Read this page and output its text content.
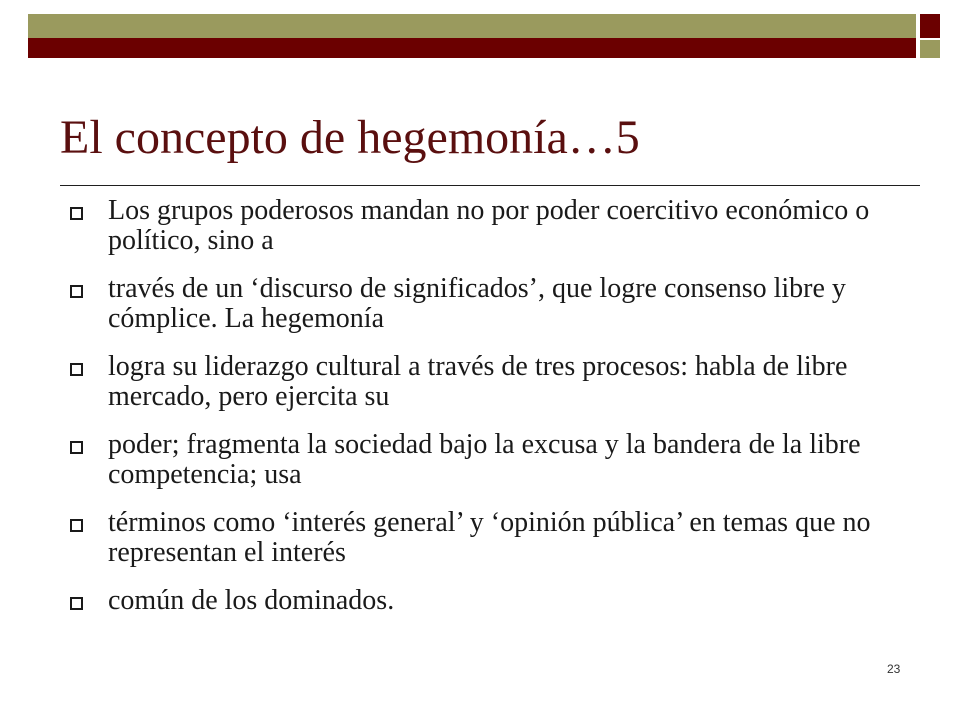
El concepto de hegemonía…5
Los grupos poderosos mandan no por poder coercitivo económico o político, sino a
través de un ‘discurso de significados’, que logre consenso libre y cómplice. La hegemonía
logra su liderazgo cultural a través de tres procesos: habla de libre mercado, pero ejercita su
poder; fragmenta la sociedad bajo la excusa y la bandera de la libre competencia; usa
términos como ‘interés general’ y ‘opinión pública’ en temas que no representan el interés
común de los dominados.
23
